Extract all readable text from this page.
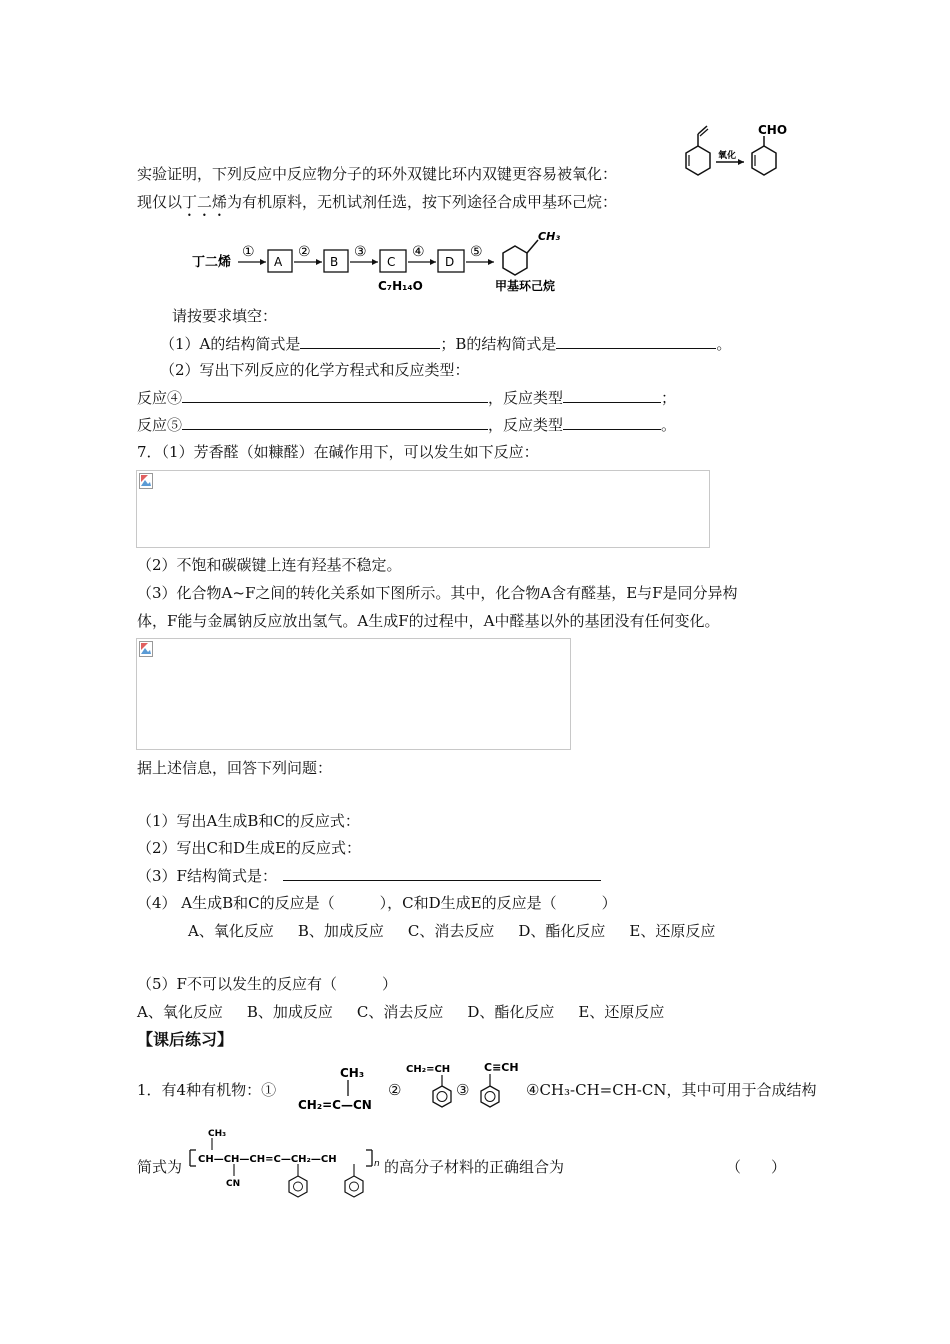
氧化
CHO
实验证明，下列反应中反应物分子的环外双键比环内双键更容易被氧化：
现仅以丁二烯为有机原料，无机试剂任选，按下列途径合成甲基环己烷：
丁二烯
①
A
②
B
③
C
C₇H₁₄O
④
D
⑤
CH₃
甲基环己烷
请按要求填空：
（1）A的结构简式是	；B的结构简式是	。
（2）写出下列反应的化学方程式和反应类型：
反应④	，反应类型	；
反应⑤	，反应类型	。
7．（1）芳香醛（如糠醛）在碱作用下，可以发生如下反应：
（2）不饱和碳碳键上连有羟基不稳定。
（3）化合物A~F之间的转化关系如下图所示。其中，化合物A含有醛基，E与F是同分异构
体，F能与金属钠反应放出氢气。A生成F的过程中，A中醛基以外的基团没有任何变化。
据上述信息，回答下列问题：
（1）写出A生成B和C的反应式：
（2）写出C和D生成E的反应式：
（3）F结构简式是：
（4） A生成B和C的反应是（　　　），C和D生成E的反应是（　　　）
A、氧化反应 B、加成反应 C、消去反应 D、酯化反应 E、还原反应
（5）F不可以发生的反应有（　　　）
A、氧化反应 B、加成反应 C、消去反应 D、酯化反应 E、还原反应
【课后练习】
1．有4种有机物：①
CH₃
CH₂=C—CN
②
CH₂=CH
③
C≡CH
④CH₃-CH=CH-CN，其中可用于合成结构
简式为
CH₃
CH—CH—CH=C—CH₂—CH	n
CN
的高分子材料的正确组合为	（　　）
